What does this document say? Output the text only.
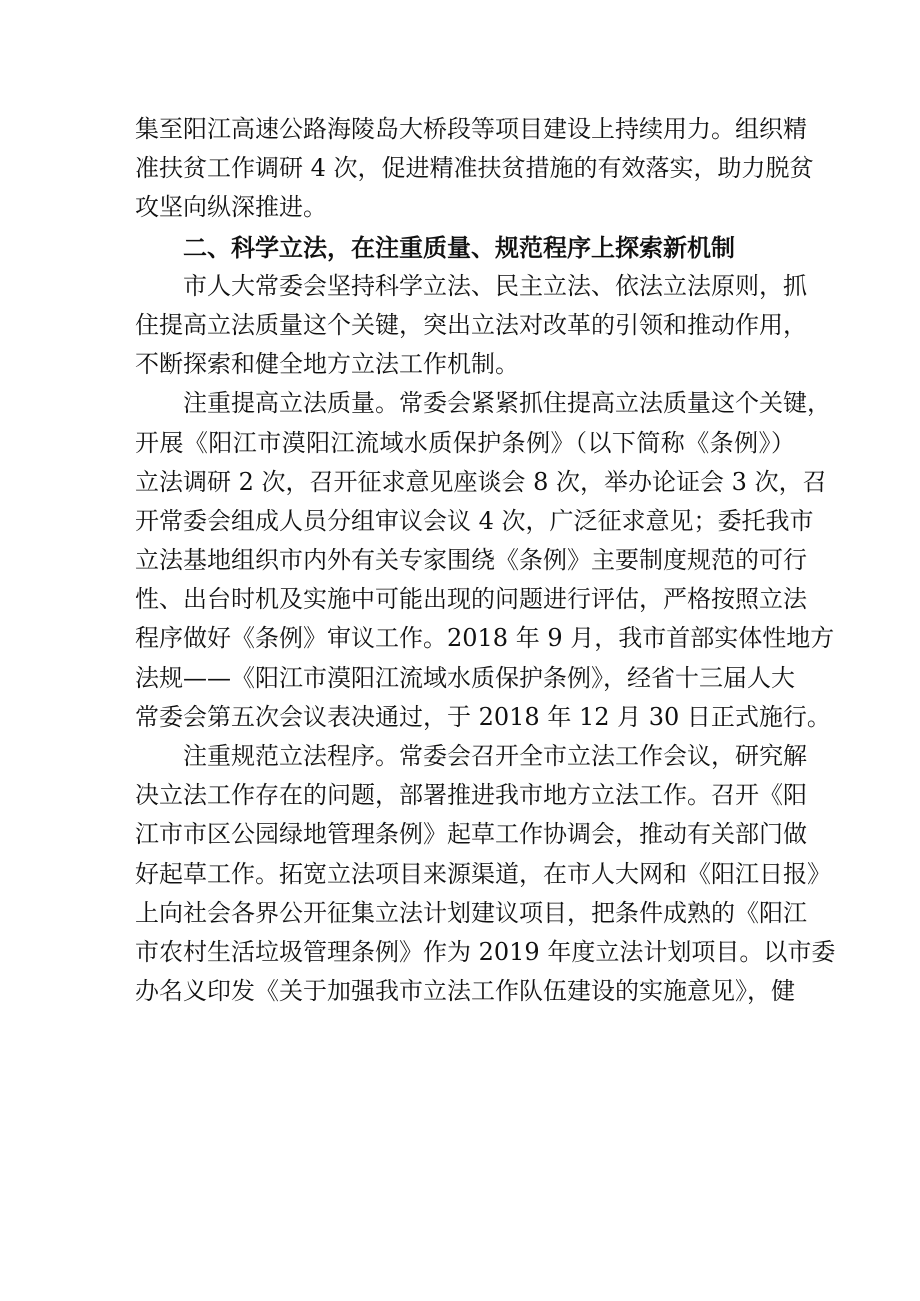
集至阳江高速公路海陵岛大桥段等项目建设上持续用力。组织精
准扶贫工作调研 4 次，促进精准扶贫措施的有效落实，助力脱贫
攻坚向纵深推进。
二、科学立法，在注重质量、规范程序上探索新机制
市人大常委会坚持科学立法、民主立法、依法立法原则，抓
住提高立法质量这个关键，突出立法对改革的引领和推动作用，
不断探索和健全地方立法工作机制。
注重提高立法质量。常委会紧紧抓住提高立法质量这个关键，
开展《阳江市漠阳江流域水质保护条例》（以下简称《条例》）
立法调研 2 次，召开征求意见座谈会 8 次，举办论证会 3 次，召
开常委会组成人员分组审议会议 4 次，广泛征求意见；委托我市
立法基地组织市内外有关专家围绕《条例》主要制度规范的可行
性、出台时机及实施中可能出现的问题进行评估，严格按照立法
程序做好《条例》审议工作。2018 年 9 月，我市首部实体性地方
法规——《阳江市漠阳江流域水质保护条例》，经省十三届人大
常委会第五次会议表决通过，于 2018 年 12 月 30 日正式施行。
注重规范立法程序。常委会召开全市立法工作会议，研究解
决立法工作存在的问题，部署推进我市地方立法工作。召开《阳
江市市区公园绿地管理条例》起草工作协调会，推动有关部门做
好起草工作。拓宽立法项目来源渠道，在市人大网和《阳江日报》
上向社会各界公开征集立法计划建议项目，把条件成熟的《阳江
市农村生活垃圾管理条例》作为 2019 年度立法计划项目。以市委
办名义印发《关于加强我市立法工作队伍建设的实施意见》，健
